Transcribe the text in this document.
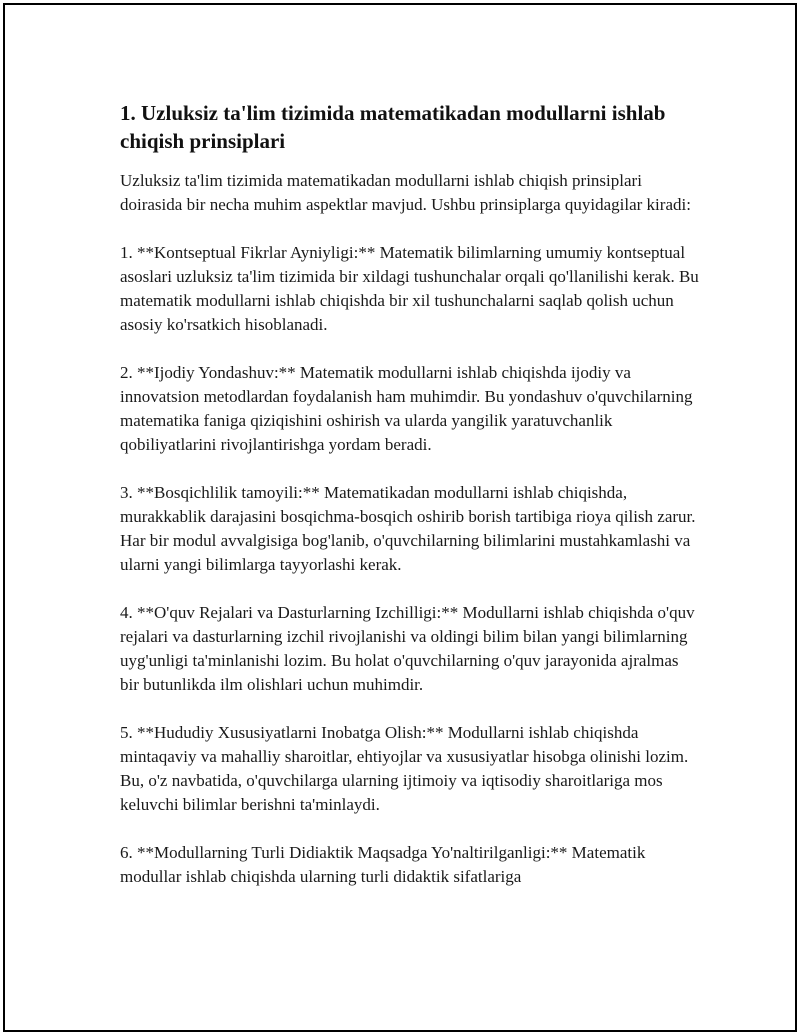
1. Uzluksiz ta'lim tizimida matematikadan modullarni ishlab chiqish prinsiplari

Uzluksiz ta'lim tizimida matematikadan modullarni ishlab chiqish prinsiplari doirasida bir necha muhim aspektlar mavjud. Ushbu prinsiplarga quyidagilar kiradi:

1. **Kontseptual Fikrlar Ayniyligi:** Matematik bilimlarning umumiy kontseptual asoslari uzluksiz ta'lim tizimida bir xildagi tushunchalar orqali qo'llanilishi kerak. Bu matematik modullarni ishlab chiqishda bir xil tushunchalarni saqlab qolish uchun asosiy ko'rsatkich hisoblanadi.

2. **Ijodiy Yondashuv:** Matematik modullarni ishlab chiqishda ijodiy va innovatsion metodlardan foydalanish ham muhimdir. Bu yondashuv o'quvchilarning matematika faniga qiziqishini oshirish va ularda yangilik yaratuvchanlik qobiliyatlarini rivojlantirishga yordam beradi.

3. **Bosqichlilik tamoyili:** Matematikadan modullarni ishlab chiqishda, murakkablik darajasini bosqichma-bosqich oshirib borish tartibiga rioya qilish zarur. Har bir modul avvalgisiga bog'lanib, o'quvchilarning bilimlarini mustahkamlashi va ularni yangi bilimlarga tayyorlashi kerak.

4. **O'quv Rejalari va Dasturlarning Izchilligi:** Modullarni ishlab chiqishda o'quv rejalari va dasturlarning izchil rivojlanishi va oldingi bilim bilan yangi bilimlarning uyg'unligi ta'minlanishi lozim. Bu holat o'quvchilarning o'quv jarayonida ajralmas bir butunlikda ilm olishlari uchun muhimdir.

5. **Hududiy Xususiyatlarni Inobatga Olish:** Modullarni ishlab chiqishda mintaqaviy va mahalliy sharoitlar, ehtiyojlar va xususiyatlar hisobga olinishi lozim. Bu, o'z navbatida, o'quvchilarga ularning ijtimoiy va iqtisodiy sharoitlariga mos keluvchi bilimlar berishni ta'minlaydi.

6. **Modullarning Turli Didiaktik Maqsadga Yo'naltirilganligi:** Matematik modullar ishlab chiqishda ularning turli didaktik sifatlariga
